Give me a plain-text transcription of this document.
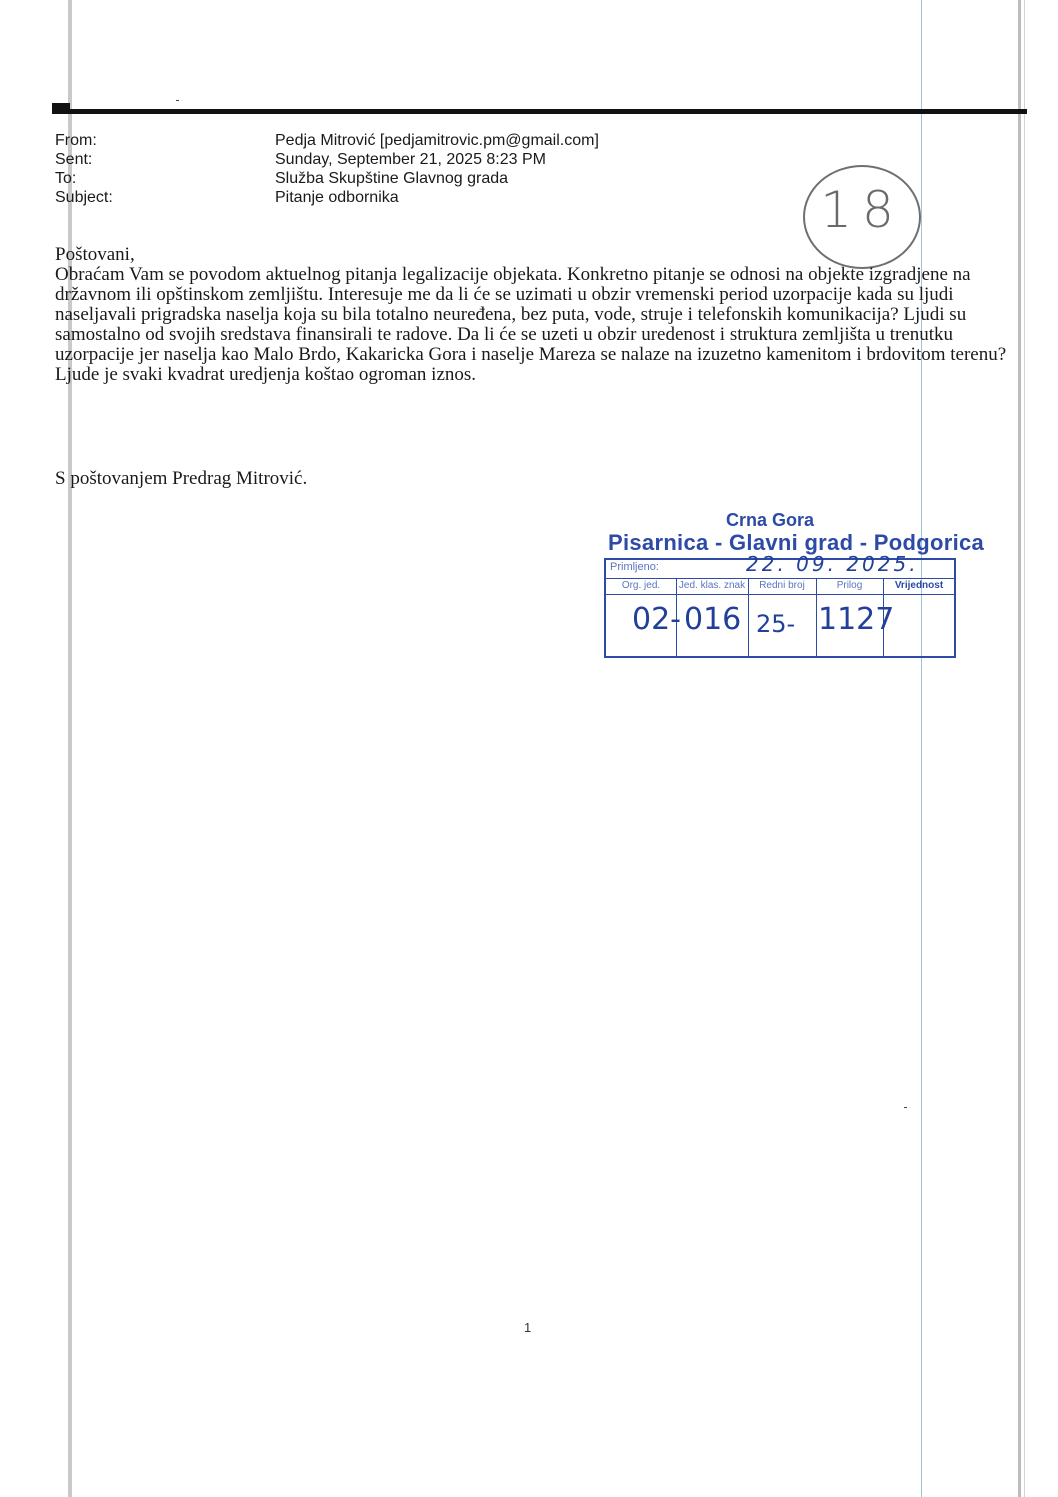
From:	Pedja Mitrović [pedjamitrovic.pm@gmail.com]
Sent:	Sunday, September 21, 2025 8:23 PM
To:	Služba Skupštine Glavnog grada
Subject:	Pitanje odbornika	18
Poštovani,

Obraćam Vam se povodom aktuelnog pitanja legalizacije objekata. Konkretno pitanje se odnosi na objekte izgradjene na državnom ili opštinskom zemljištu. Interesuje me da li će se uzimati u obzir vremenski period uzorpacije kada su ljudi naseljavali prigradska naselja koja su bila totalno neuređena, bez puta, vode, struje i telefonskih komunikacija? Ljudi su samostalno od svojih sredstava finansirali te radove. Da li će se uzeti u obzir uredenost i struktura zemljišta u trenutku uzorpacije jer naselja kao Malo Brdo, Kakaricka Gora i naselje Mareza se nalaze na izuzetno kamenitom i brdovitom terenu? Ljude je svaki kvadrat uredjenja koštao ogroman iznos.

S poštovanjem Predrag Mitrović.
Crna Gora
Pisarnica - Glavni grad - Podgorica
Primljeno:	22. 09. 2025.
Org. jed.	Jed. klas. znak	Redni broj	Prilog	Vrijednost
02- 016 25- 1127
1
